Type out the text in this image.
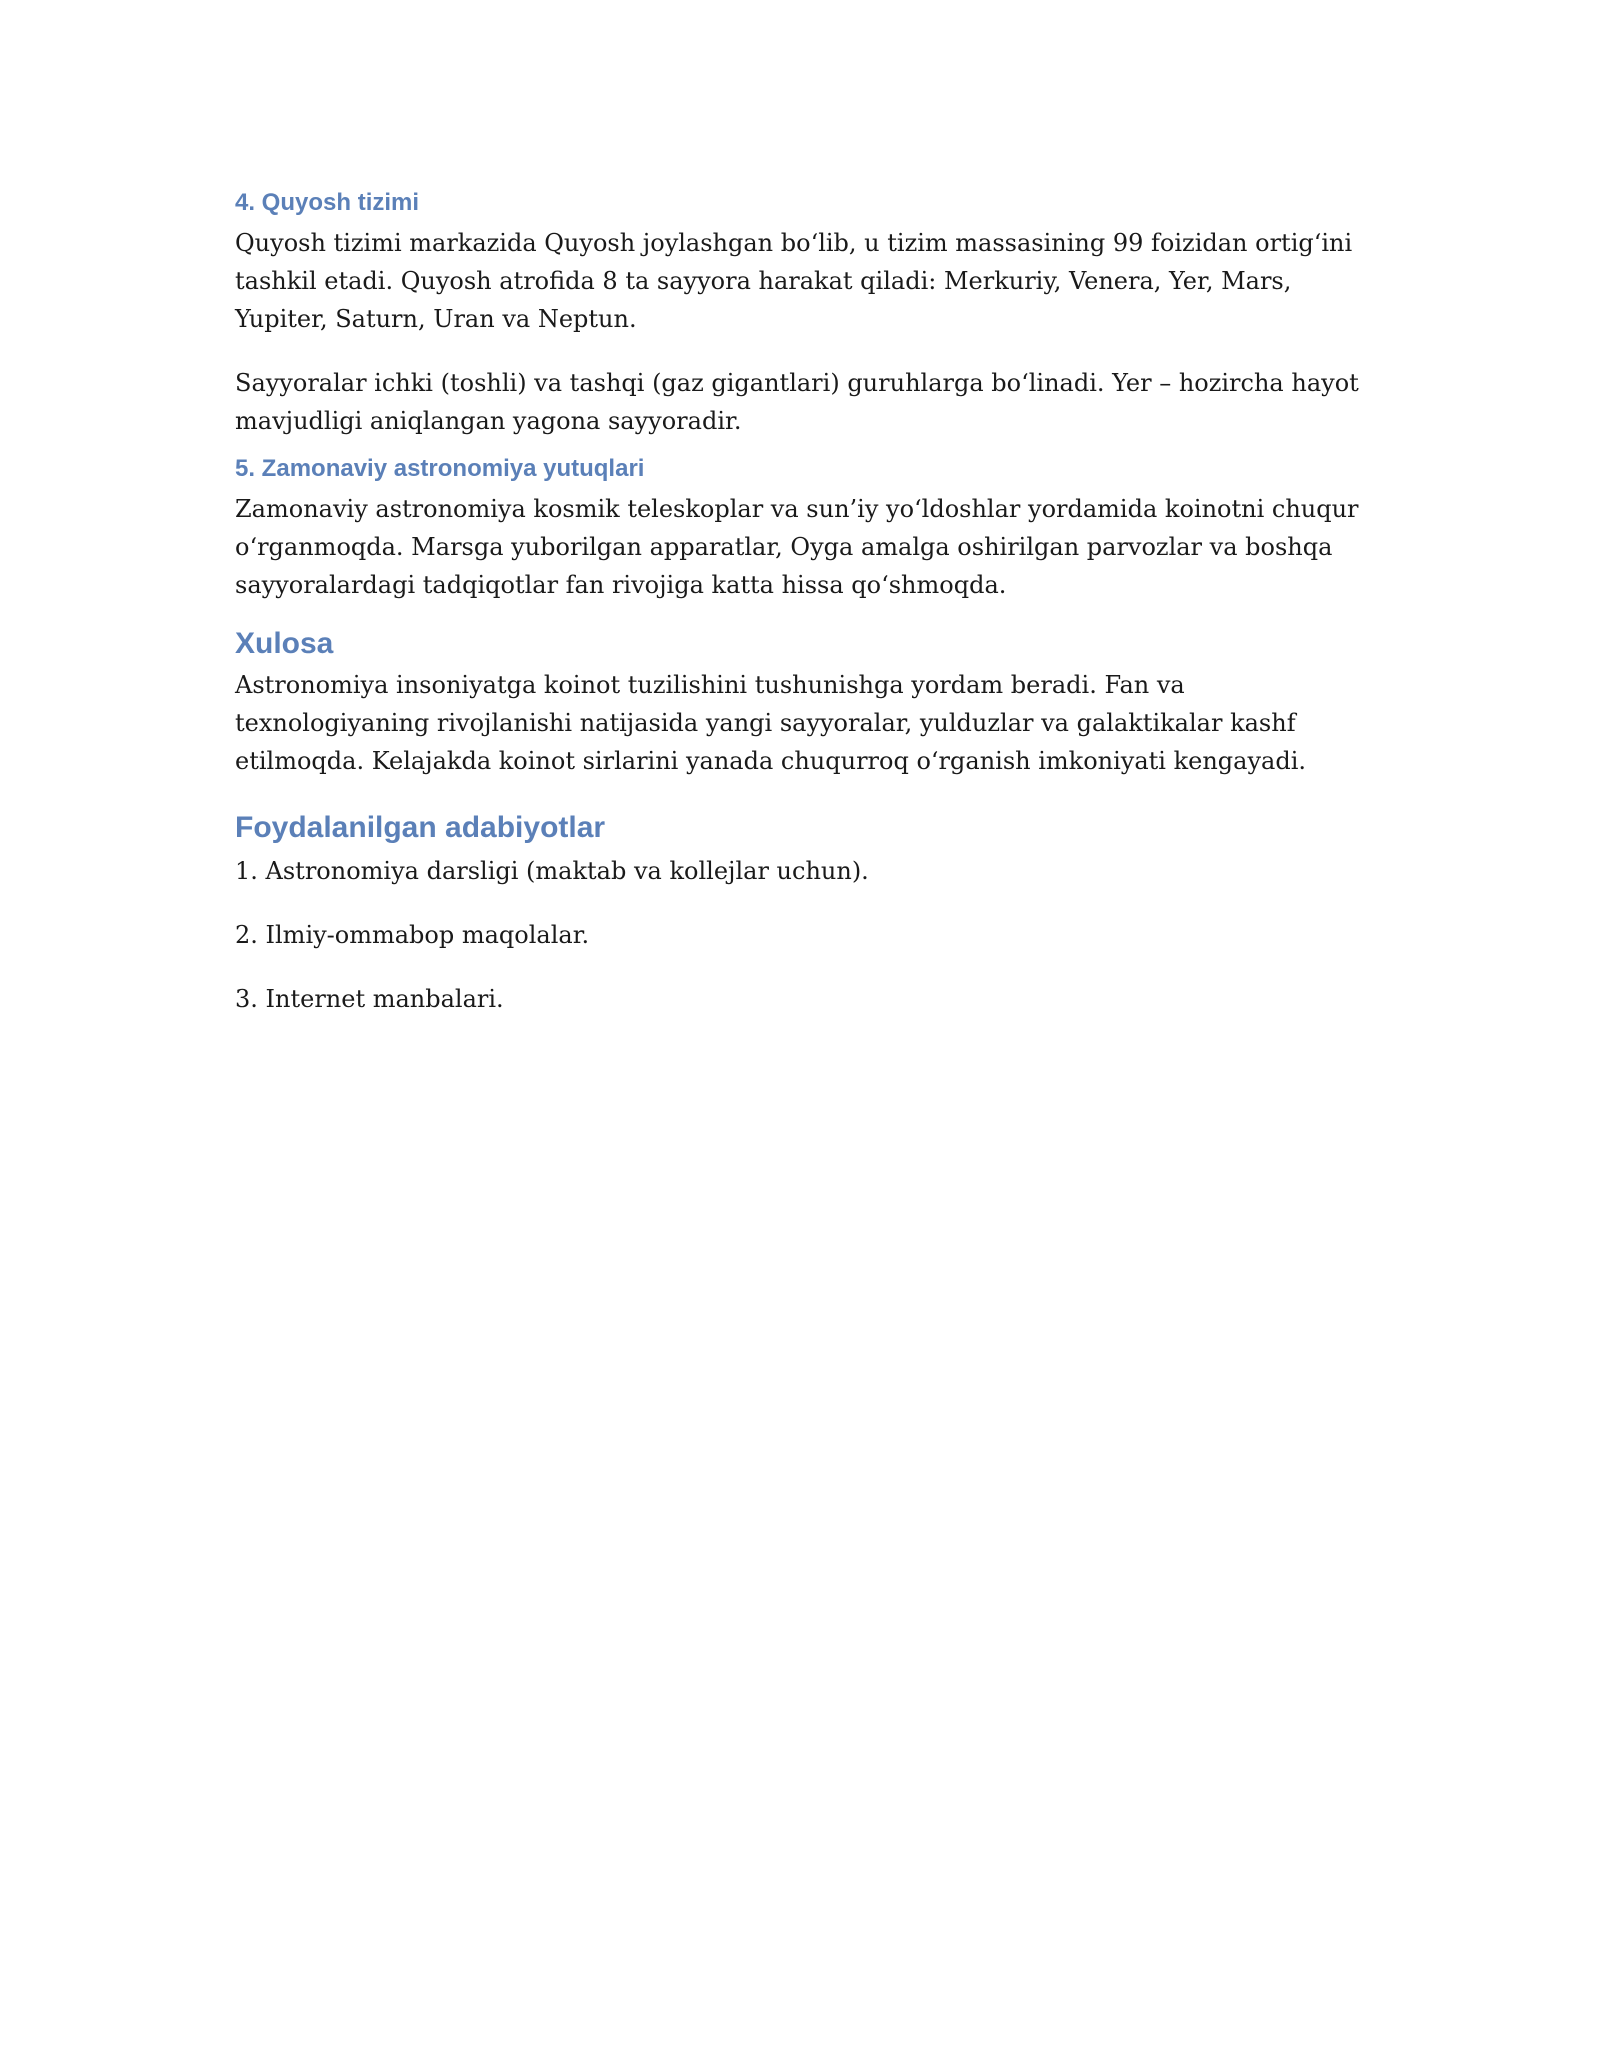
4. Quyosh tizimi

Quyosh tizimi markazida Quyosh joylashgan bo‘lib, u tizim massasining 99 foizidan ortig‘ini tashkil etadi. Quyosh atrofida 8 ta sayyora harakat qiladi: Merkuriy, Venera, Yer, Mars, Yupiter, Saturn, Uran va Neptun.

Sayyoralar ichki (toshli) va tashqi (gaz gigantlari) guruhlarga bo‘linadi. Yer – hozircha hayot mavjudligi aniqlangan yagona sayyoradir.

5. Zamonaviy astronomiya yutuqlari

Zamonaviy astronomiya kosmik teleskoplar va sun’iy yo‘ldoshlar yordamida koinotni chuqur o‘rganmoqda. Marsga yuborilgan apparatlar, Oyga amalga oshirilgan parvozlar va boshqa sayyoralardagi tadqiqotlar fan rivojiga katta hissa qo‘shmoqda.

Xulosa

Astronomiya insoniyatga koinot tuzilishini tushunishga yordam beradi. Fan va texnologiyaning rivojlanishi natijasida yangi sayyoralar, yulduzlar va galaktikalar kashf etilmoqda. Kelajakda koinot sirlarini yanada chuqurroq o‘rganish imkoniyati kengayadi.

Foydalanilgan adabiyotlar

1. Astronomiya darsligi (maktab va kollejlar uchun).

2. Ilmiy-ommabop maqolalar.

3. Internet manbalari.
